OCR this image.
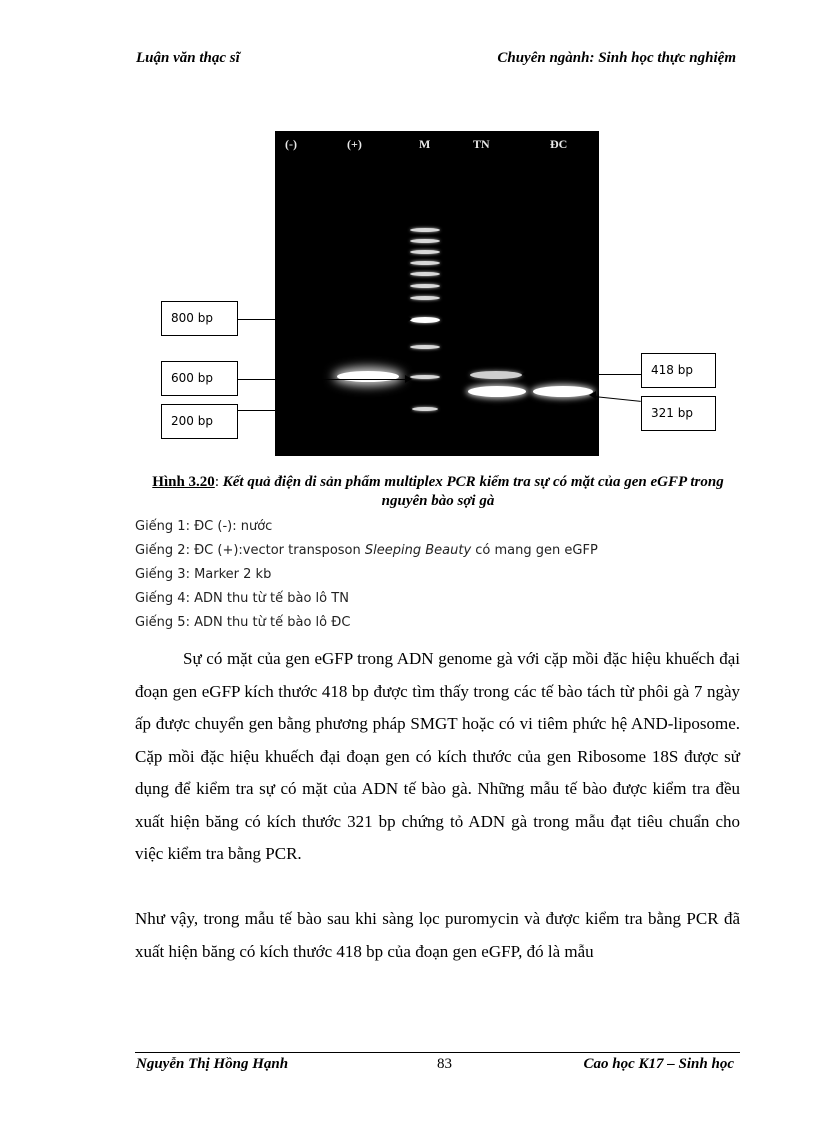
Luận văn thạc sĩ	Chuyên ngành: Sinh học thực nghiệm
(-)	(+)	M	TN	ĐC
800 bp
600 bp
200 bp
418 bp
321 bp
Hình 3.20: Kết quả điện di sản phẩm multiplex PCR kiểm tra sự có mặt của gen eGFP trong nguyên bào sợi gà
Giếng 1: ĐC (-): nước
Giếng 2: ĐC (+):vector transposon Sleeping Beauty có mang gen eGFP
Giếng 3: Marker 2 kb
Giếng 4: ADN thu từ tế bào lô TN
Giếng 5: ADN thu từ tế bào lô ĐC
Sự có mặt của gen eGFP trong ADN genome gà với cặp mồi đặc hiệu khuếch đại đoạn gen eGFP kích thước 418 bp được tìm thấy trong các tế bào tách từ phôi gà 7 ngày ấp được chuyển gen bằng phương pháp SMGT hoặc có vi tiêm phức hệ AND-liposome. Cặp mồi đặc hiệu khuếch đại đoạn gen có kích thước của gen Ribosome 18S được sử dụng để kiểm tra sự có mặt của ADN tế bào gà. Những mẫu tế bào được kiểm tra đều xuất hiện băng có kích thước 321 bp chứng tỏ ADN gà trong mẫu đạt tiêu chuẩn cho việc kiểm tra bằng PCR.
Như vậy, trong mẫu tế bào sau khi sàng lọc puromycin và được kiểm tra bằng PCR đã xuất hiện băng có kích thước 418 bp của đoạn gen eGFP, đó là mẫu
Nguyễn Thị Hồng Hạnh	83	Cao học K17 – Sinh học
